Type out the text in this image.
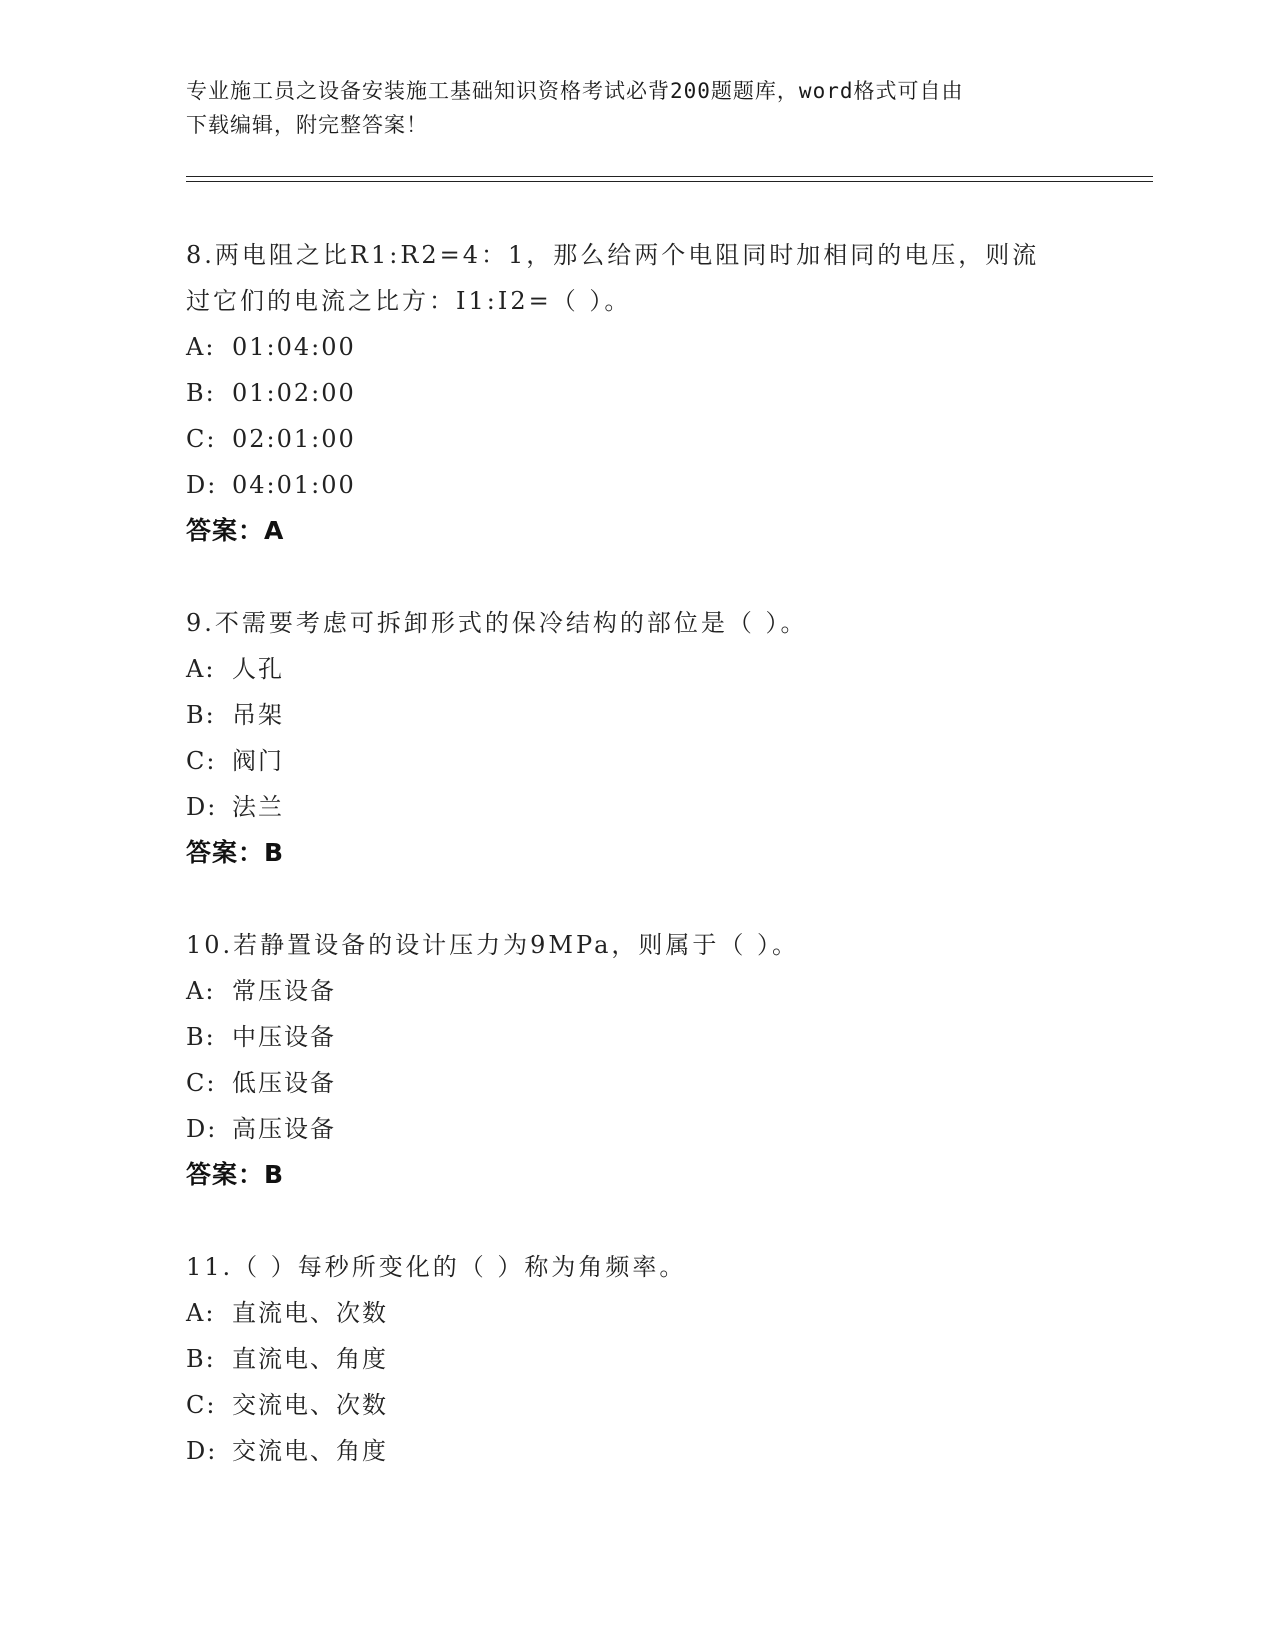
专业施工员之设备安装施工基础知识资格考试必背200题题库，word格式可自由
下载编辑，附完整答案！
8.两电阻之比R1:R2=4：1，那么给两个电阻同时加相同的电压，则流
过它们的电流之比方：I1:I2=（ ）。
A: 01:04:00
B: 01:02:00
C: 02:01:00
D: 04:01:00
答案：A
9.不需要考虑可拆卸形式的保冷结构的部位是（ ）。
A: 人孔
B: 吊架
C: 阀门
D: 法兰
答案：B
10.若静置设备的设计压力为9MPa，则属于（ ）。
A: 常压设备
B: 中压设备
C: 低压设备
D: 高压设备
答案：B
11.（ ）每秒所变化的（ ）称为角频率。
A: 直流电、次数
B: 直流电、角度
C: 交流电、次数
D: 交流电、角度
